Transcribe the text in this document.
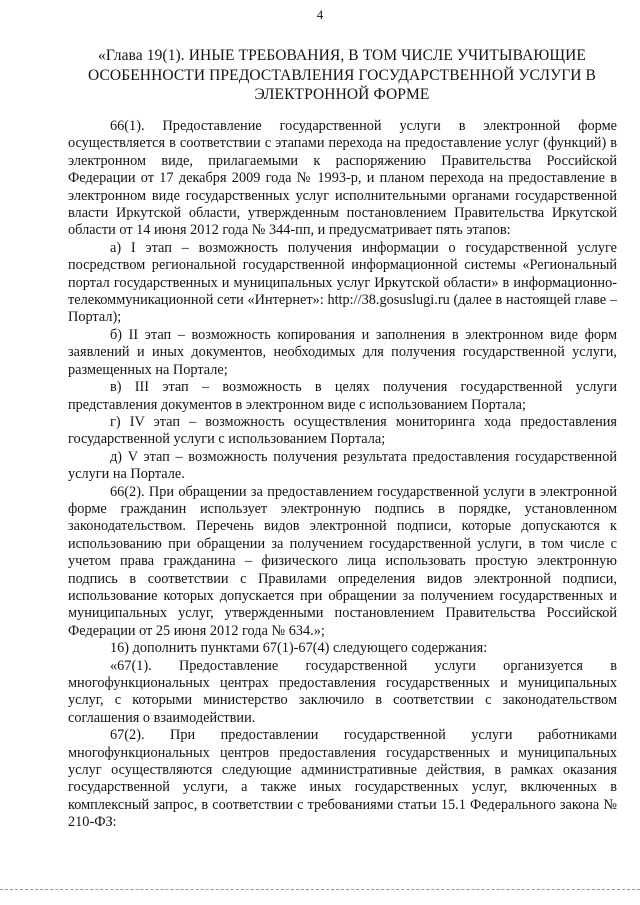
4
«Глава 19(1). ИНЫЕ ТРЕБОВАНИЯ, В ТОМ ЧИСЛЕ УЧИТЫВАЮЩИЕ ОСОБЕННОСТИ ПРЕДОСТАВЛЕНИЯ ГОСУДАРСТВЕННОЙ УСЛУГИ В ЭЛЕКТРОННОЙ ФОРМЕ

66(1). Предоставление государственной услуги в электронной форме осуществляется в соответствии с этапами перехода на предоставление услуг (функций) в электронном виде, прилагаемыми к распоряжению Правительства Российской Федерации от 17 декабря 2009 года № 1993-р, и планом перехода на предоставление в электронном виде государственных услуг исполнительными органами государственной власти Иркутской области, утвержденным постановлением Правительства Иркутской области от 14 июня 2012 года № 344-пп, и предусматривает пять этапов:

а) I этап – возможность получения информации о государственной услуге посредством региональной государственной информационной системы «Региональный портал государственных и муниципальных услуг Иркутской области» в информационно-телекоммуникационной сети «Интернет»: http://38.gosuslugi.ru (далее в настоящей главе – Портал);

б) II этап – возможность копирования и заполнения в электронном виде форм заявлений и иных документов, необходимых для получения государственной услуги, размещенных на Портале;

в) III этап – возможность в целях получения государственной услуги представления документов в электронном виде с использованием Портала;

г) IV этап – возможность осуществления мониторинга хода предоставления государственной услуги с использованием Портала;

д) V этап – возможность получения результата предоставления государственной услуги на Портале.

66(2). При обращении за предоставлением государственной услуги в электронной форме гражданин использует электронную подпись в порядке, установленном законодательством. Перечень видов электронной подписи, которые допускаются к использованию при обращении за получением государственной услуги, в том числе с учетом права гражданина – физического лица использовать простую электронную подпись в соответствии с Правилами определения видов электронной подписи, использование которых допускается при обращении за получением государственных и муниципальных услуг, утвержденными постановлением Правительства Российской Федерации от 25 июня 2012 года № 634.»;

16) дополнить пунктами 67(1)-67(4) следующего содержания:

«67(1). Предоставление государственной услуги организуется в многофункциональных центрах предоставления государственных и муниципальных услуг, с которыми министерство заключило в соответствии с законодательством соглашения о взаимодействии.

67(2). При предоставлении государственной услуги работниками многофункциональных центров предоставления государственных и муниципальных услуг осуществляются следующие административные действия, в рамках оказания государственной услуги, а также иных государственных услуг, включенных в комплексный запрос, в соответствии с требованиями статьи 15.1 Федерального закона № 210-ФЗ:
